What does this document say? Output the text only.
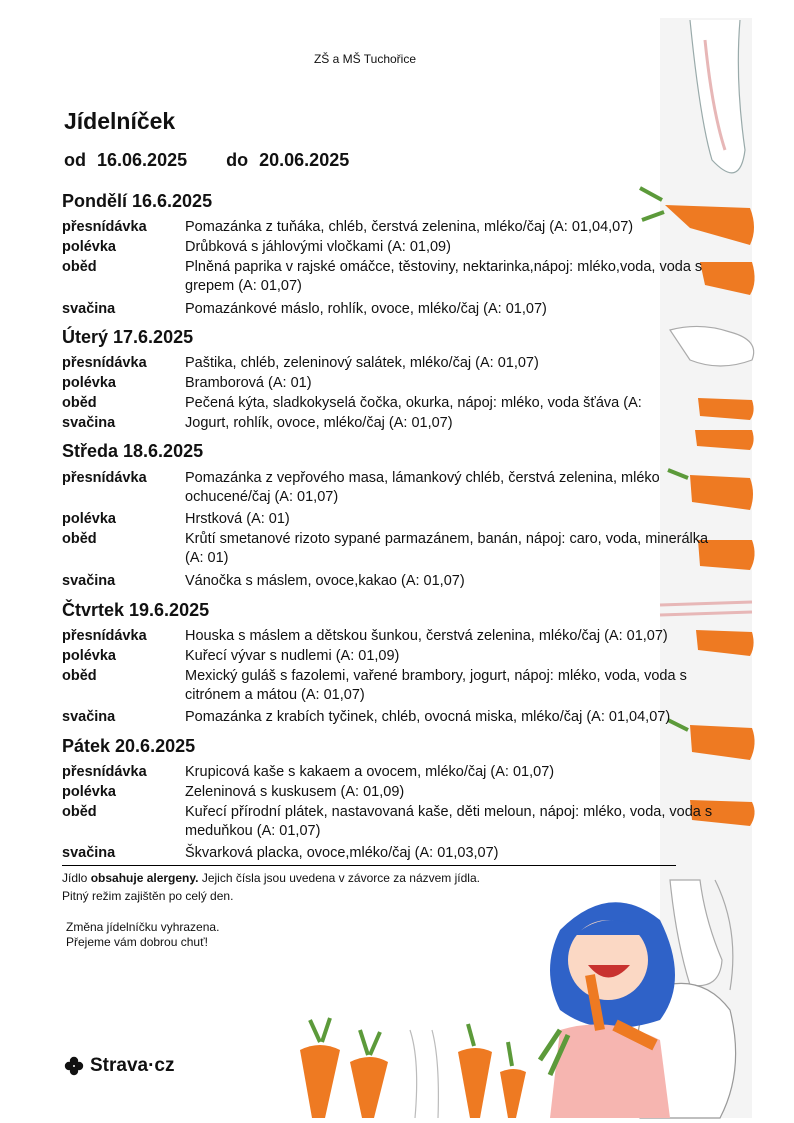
ZŠ a MŠ Tuchořice
Jídelníček
od 16.06.2025 do 20.06.2025
Pondělí 16.6.2025
přesnídávka	Pomazánka z tuňáka, chléb, čerstvá zelenina, mléko/čaj (A: 01,04,07)
polévka	Drůbková s jáhlovými vločkami (A: 01,09)
oběd	Plněná paprika v rajské omáčce, těstoviny, nektarinka,nápoj: mléko,voda, voda s grepem (A: 01,07)
svačina	Pomazánkové máslo, rohlík, ovoce, mléko/čaj (A: 01,07)
Úterý 17.6.2025
přesnídávka	Paštika, chléb, zeleninový salátek, mléko/čaj (A: 01,07)
polévka	Bramborová (A: 01)
oběd	Pečená kýta, sladkokyselá čočka, okurka, nápoj: mléko, voda šťáva (A:
svačina	Jogurt, rohlík, ovoce, mléko/čaj (A: 01,07)
Středa 18.6.2025
přesnídávka	Pomazánka z vepřového masa, lámankový chléb, čerstvá zelenina, mléko ochucené/čaj (A: 01,07)
polévka	Hrstková (A: 01)
oběd	Krůtí smetanové rizoto sypané parmazánem, banán, nápoj: caro, voda, minerálka (A: 01)
svačina	Vánočka s máslem, ovoce,kakao (A: 01,07)
Čtvrtek 19.6.2025
přesnídávka	Houska s máslem a dětskou šunkou, čerstvá zelenina, mléko/čaj (A: 01,07)
polévka	Kuřecí vývar s nudlemi (A: 01,09)
oběd	Mexický guláš s fazolemi, vařené brambory, jogurt, nápoj: mléko, voda, voda s citrónem a mátou (A: 01,07)
svačina	Pomazánka z krabích tyčinek, chléb, ovocná miska, mléko/čaj (A: 01,04,07)
Pátek 20.6.2025
přesnídávka	Krupicová kaše s kakaem a ovocem, mléko/čaj (A: 01,07)
polévka	Zeleninová s kuskusem (A: 01,09)
oběd	Kuřecí přírodní plátek, nastavovaná kaše, děti meloun, nápoj: mléko, voda, voda s meduňkou (A: 01,07)
svačina	Škvarková placka, ovoce,mléko/čaj (A: 01,03,07)
Jídlo obsahuje alergeny. Jejich čísla jsou uvedena v závorce za názvem jídla.
Pitný režim zajištěn po celý den.
Změna jídelníčku vyhrazena.
Přejeme vám dobrou chuť!
Strava·cz
